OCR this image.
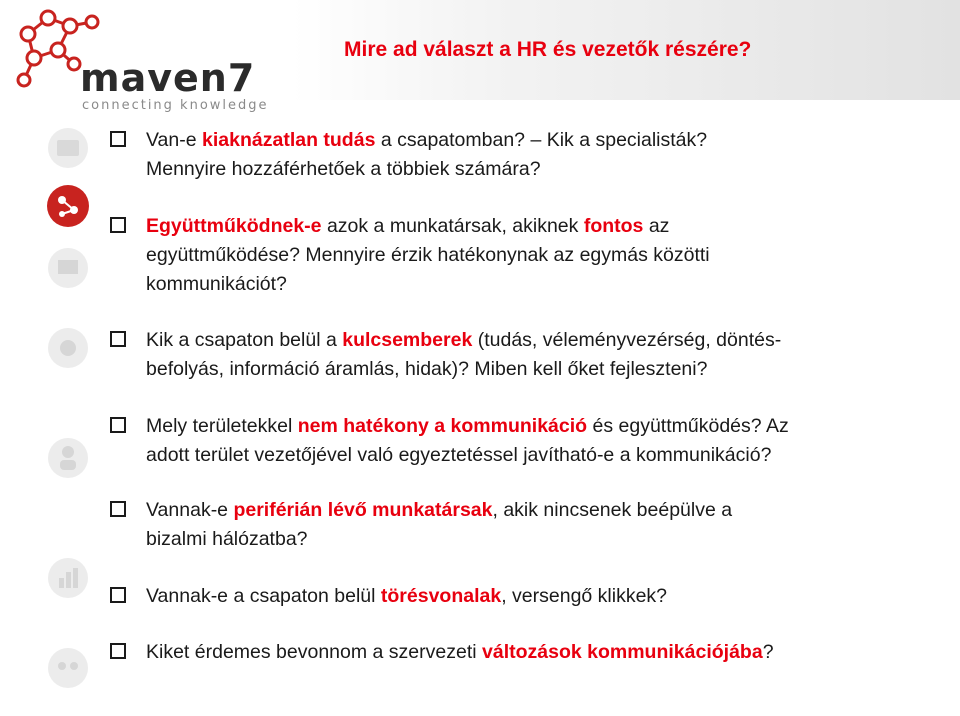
maven7
connecting knowledge
Mire ad választ a HR és vezetők részére?
Van-e kiaknázatlan tudás a csapatomban? – Kik a specialisták?
Mennyire hozzáférhetőek a többiek számára?
Együttműködnek-e azok a munkatársak, akiknek fontos az
együttműködése? Mennyire érzik hatékonynak az egymás közötti
kommunikációt?
Kik a csapaton belül a kulcsemberek (tudás, véleményvezérség, döntés-
befolyás, információ áramlás, hidak)? Miben kell őket fejleszteni?
Mely területekkel nem hatékony a kommunikáció és együttműködés? Az
adott terület vezetőjével való egyeztetéssel javítható-e a kommunikáció?
Vannak-e periférián lévő munkatársak, akik nincsenek beépülve a
bizalmi hálózatba?
Vannak-e a csapaton belül törésvonalak, versengő klikkek?
Kiket érdemes bevonnom a szervezeti változások kommunikációjába?
